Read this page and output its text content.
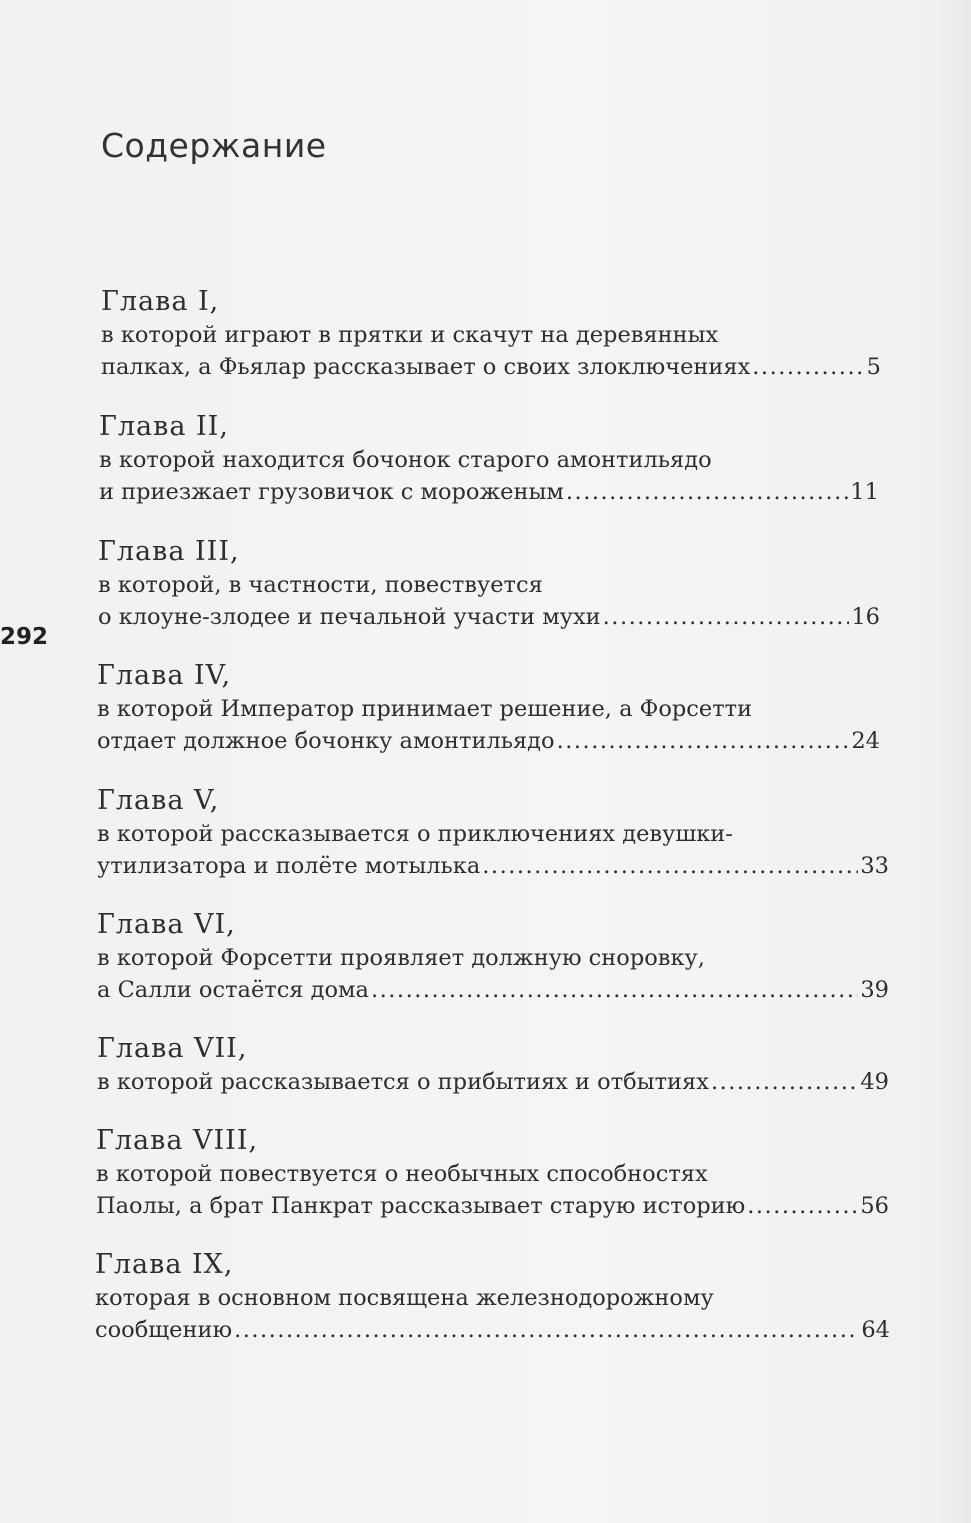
Содержание
292
Глава I,
в которой играют в прятки и скачут на деревянных
палках, а Фьялар рассказывает о своих злоключениях .....	5
Глава II,
в которой находится бочонок старого амонтильядо
и приезжает грузовичок с мороженым .....	11
Глава III,
в которой, в частности, повествуется
о клоуне-злодее и печальной участи мухи .....	16
Глава IV,
в которой Император принимает решение, а Форсетти
отдает должное бочонку амонтильядо .....	24
Глава V,
в которой рассказывается о приключениях девушки-
утилизатора и полёте мотылька .....	33
Глава VI,
в которой Форсетти проявляет должную сноровку,
а Салли остаётся дома .....	39
Глава VII,
в которой рассказывается о прибытиях и отбытиях .....	49
Глава VIII,
в которой повествуется о необычных способностях
Паолы, а брат Панкрат рассказывает старую историю .....	56
Глава IX,
которая в основном посвящена железнодорожному
сообщению .....	64
